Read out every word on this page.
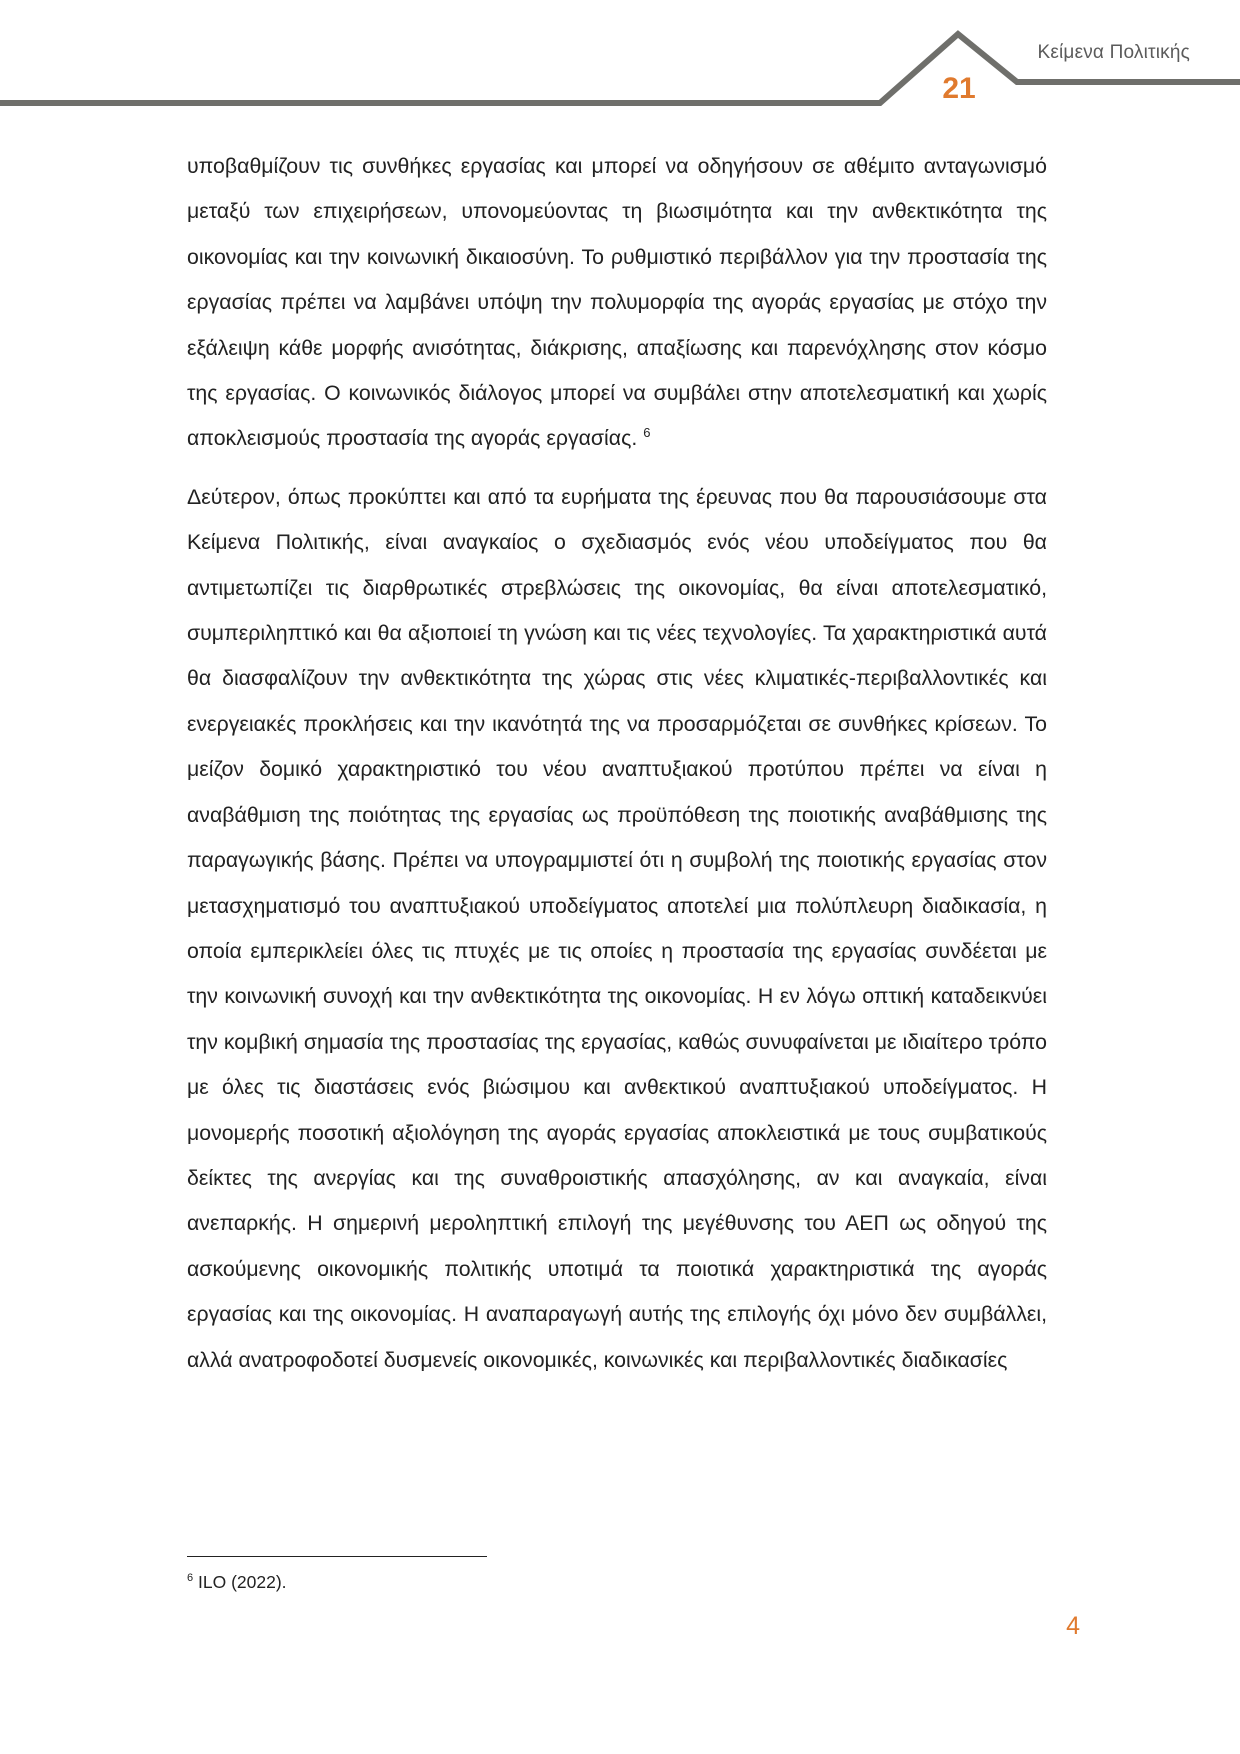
Κείμενα Πολιτικής
21

υποβαθμίζουν τις συνθήκες εργασίας και μπορεί να οδηγήσουν σε αθέμιτο ανταγωνισμό μεταξύ των επιχειρήσεων, υπονομεύοντας τη βιωσιμότητα και την ανθεκτικότητα της οικονομίας και την κοινωνική δικαιοσύνη. Το ρυθμιστικό περιβάλλον για την προστασία της εργασίας πρέπει να λαμβάνει υπόψη την πολυμορφία της αγοράς εργασίας με στόχο την εξάλειψη κάθε μορφής ανισότητας, διάκρισης, απαξίωσης και παρενόχλησης στον κόσμο της εργασίας. Ο κοινωνικός διάλογος μπορεί να συμβάλει στην αποτελεσματική και χωρίς αποκλεισμούς προστασία της αγοράς εργασίας. $^6$

Δεύτερον, όπως προκύπτει και από τα ευρήματα της έρευνας που θα παρουσιάσουμε στα Κείμενα Πολιτικής, είναι αναγκαίος ο σχεδιασμός ενός νέου υποδείγματος που θα αντιμετωπίζει τις διαρθρωτικές στρεβλώσεις της οικονομίας, θα είναι αποτελεσματικό, συμπεριληπτικό και θα αξιοποιεί τη γνώση και τις νέες τεχνολογίες. Τα χαρακτηριστικά αυτά θα διασφαλίζουν την ανθεκτικότητα της χώρας στις νέες κλιματικές-περιβαλλοντικές και ενεργειακές προκλήσεις και την ικανότητά της να προσαρμόζεται σε συνθήκες κρίσεων. Το μείζον δομικό χαρακτηριστικό του νέου αναπτυξιακού προτύπου πρέπει να είναι η αναβάθμιση της ποιότητας της εργασίας ως προϋπόθεση της ποιοτικής αναβάθμισης της παραγωγικής βάσης. Πρέπει να υπογραμμιστεί ότι η συμβολή της ποιοτικής εργασίας στον μετασχηματισμό του αναπτυξιακού υποδείγματος αποτελεί μια πολύπλευρη διαδικασία, η οποία εμπερικλείει όλες τις πτυχές με τις οποίες η προστασία της εργασίας συνδέεται με την κοινωνική συνοχή και την ανθεκτικότητα της οικονομίας. Η εν λόγω οπτική καταδεικνύει την κομβική σημασία της προστασίας της εργασίας, καθώς συνυφαίνεται με ιδιαίτερο τρόπο με όλες τις διαστάσεις ενός βιώσιμου και ανθεκτικού αναπτυξιακού υποδείγματος. Η μονομερής ποσοτική αξιολόγηση της αγοράς εργασίας αποκλειστικά με τους συμβατικούς δείκτες της ανεργίας και της συναθροιστικής απασχόλησης, αν και αναγκαία, είναι ανεπαρκής. Η σημερινή μεροληπτική επιλογή της μεγέθυνσης του ΑΕΠ ως οδηγού της ασκούμενης οικονομικής πολιτικής υποτιμά τα ποιοτικά χαρακτηριστικά της αγοράς εργασίας και της οικονομίας. Η αναπαραγωγή αυτής της επιλογής όχι μόνο δεν συμβάλλει, αλλά ανατροφοδοτεί δυσμενείς οικονομικές, κοινωνικές και περιβαλλοντικές διαδικασίες

$^6$ ILO (2022).
4
